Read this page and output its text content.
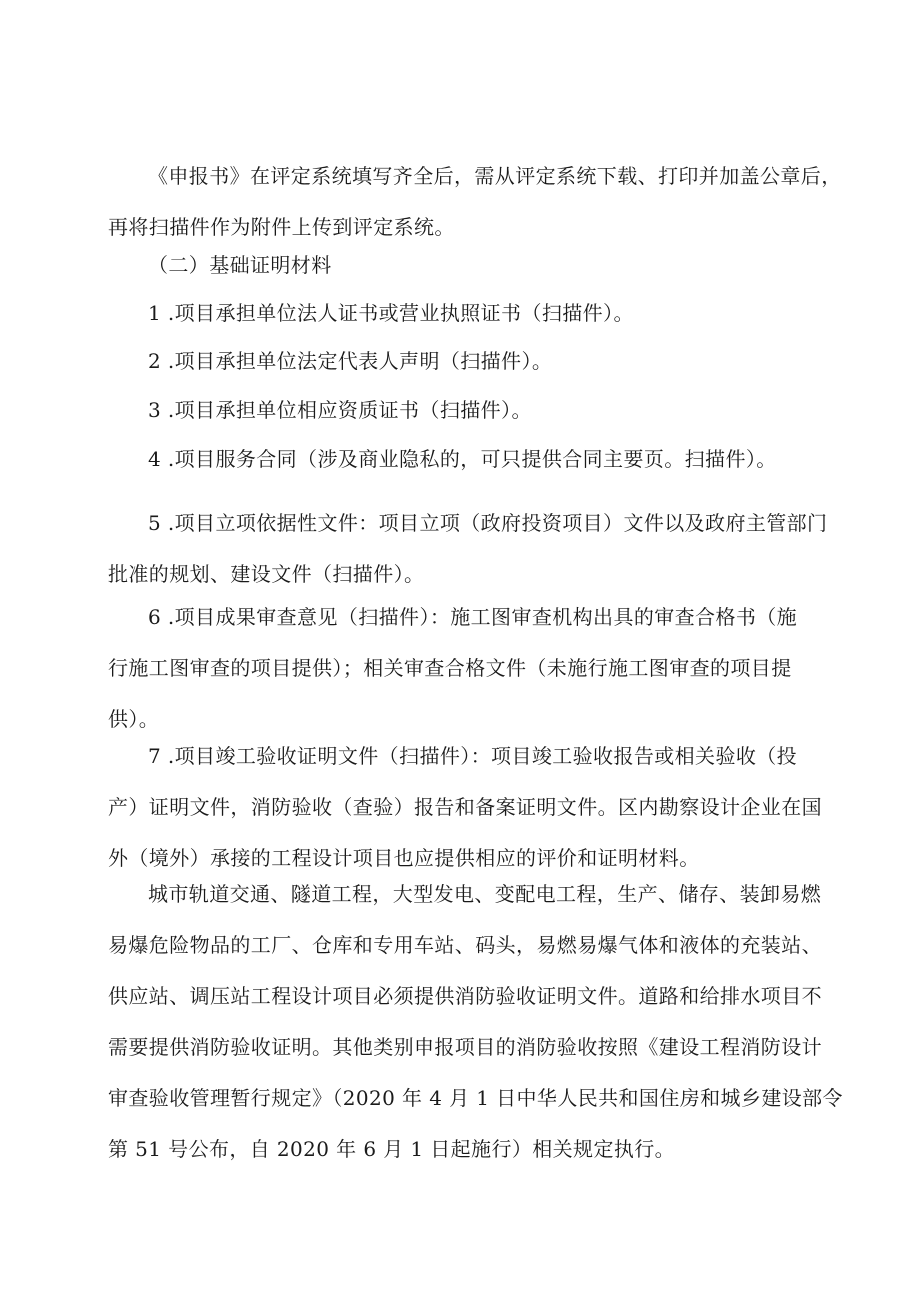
《申报书》在评定系统填写齐全后，需从评定系统下载、打印并加盖公章后，
再将扫描件作为附件上传到评定系统。
（二）基础证明材料
1 .项目承担单位法人证书或营业执照证书（扫描件）。
2 .项目承担单位法定代表人声明（扫描件）。
3 .项目承担单位相应资质证书（扫描件）。
4 .项目服务合同（涉及商业隐私的，可只提供合同主要页。扫描件）。
5 .项目立项依据性文件：项目立项（政府投资项目）文件以及政府主管部门
批准的规划、建设文件（扫描件）。
6 .项目成果审查意见（扫描件）：施工图审查机构出具的审查合格书（施
行施工图审查的项目提供）；相关审查合格文件（未施行施工图审查的项目提
供）。
7 .项目竣工验收证明文件（扫描件）：项目竣工验收报告或相关验收（投
产）证明文件，消防验收（查验）报告和备案证明文件。区内勘察设计企业在国
外（境外）承接的工程设计项目也应提供相应的评价和证明材料。
城市轨道交通、隧道工程，大型发电、变配电工程，生产、储存、装卸易燃
易爆危险物品的工厂、仓库和专用车站、码头，易燃易爆气体和液体的充装站、
供应站、调压站工程设计项目必须提供消防验收证明文件。道路和给排水项目不
需要提供消防验收证明。其他类别申报项目的消防验收按照《建设工程消防设计
审查验收管理暂行规定》（2020 年 4 月 1 日中华人民共和国住房和城乡建设部令
第 51 号公布，自 2020 年 6 月 1 日起施行）相关规定执行。
